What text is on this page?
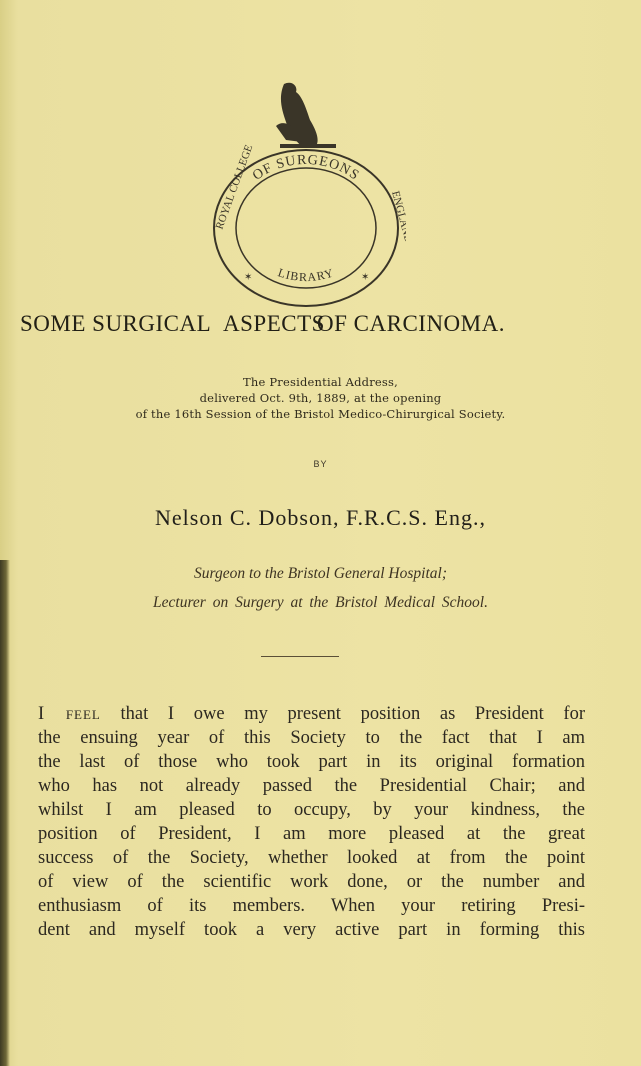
OF SURGEONS
LIBRARY
ROYAL COLLEGE	ENGLAND
✶	✶
SOME SURGICAL	OF CARCINOMA.
ASPECTS
The Presidential Address,
delivered Oct. 9th, 1889, at the opening
of the 16th Session of the Bristol Medico-Chirurgical Society.
BY
Nelson C. Dobson, F.R.C.S. Eng.,
Surgeon to the Bristol General Hospital;
Lecturer on Surgery at the Bristol Medical School.
I feel that I owe my present position as President for
the ensuing year of this Society to the fact that I am
the last of those who took part in its original formation
who has not already passed the Presidential Chair; and
whilst I am pleased to occupy, by your kindness, the
position of President, I am more pleased at the great
success of the Society, whether looked at from the point
of view of the scientific work done, or the number and
enthusiasm of its members. When your retiring Presi-
dent and myself took a very active part in forming this
